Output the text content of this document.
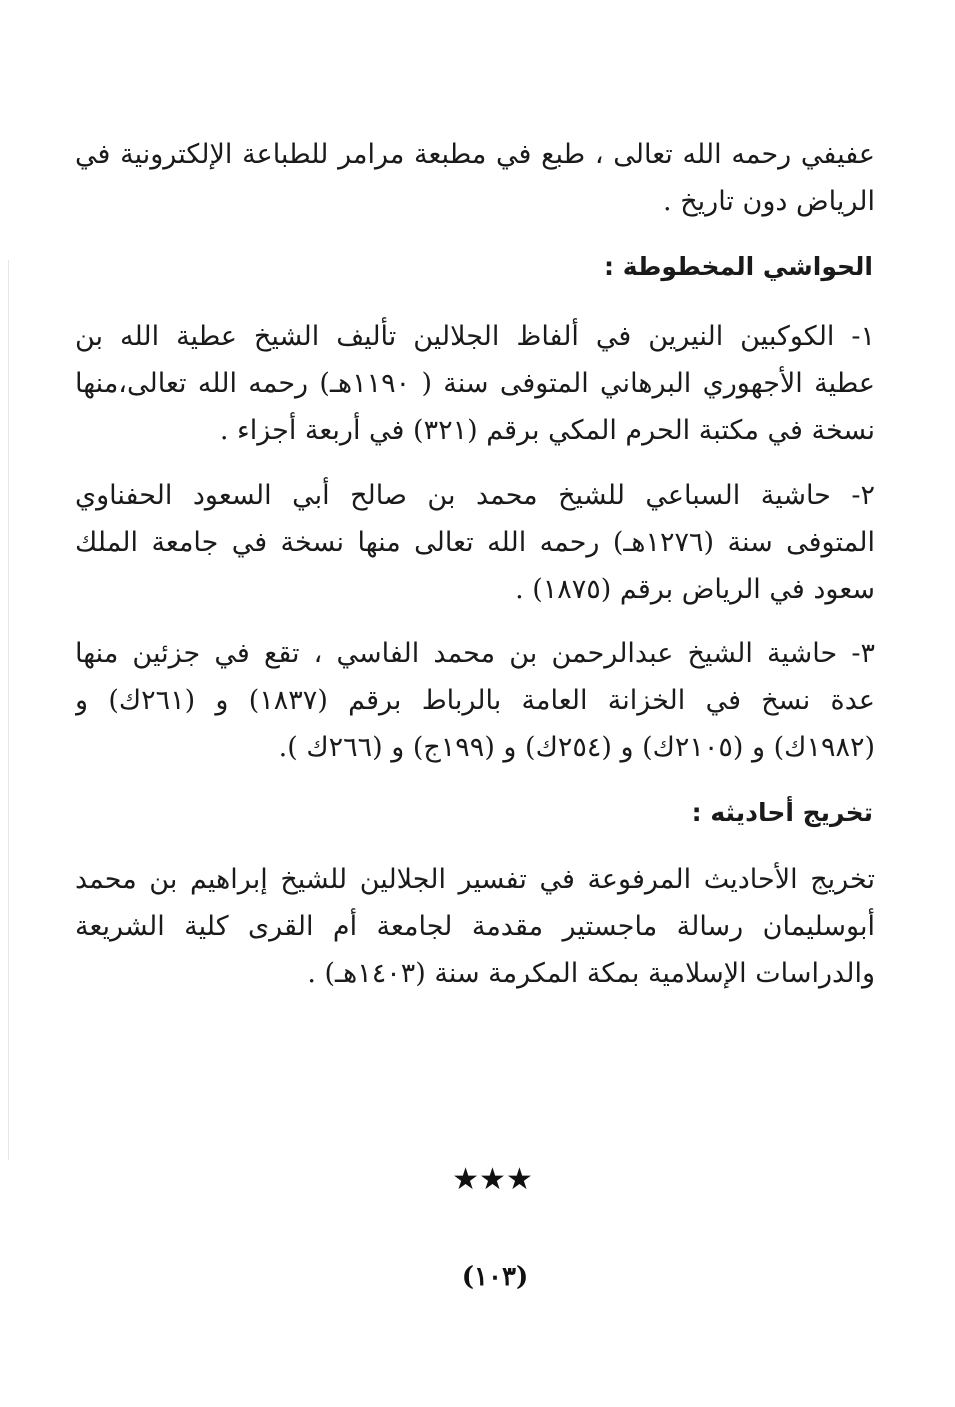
عفيفي رحمه الله تعالى ، طبع في مطبعة مرامر للطباعة الإلكترونية في
الرياض دون تاريخ .
الحواشي المخطوطة :
١- الكوكبين النيرين في ألفاظ الجلالين تأليف الشيخ عطية الله بن
عطية الأجهوري البرهاني المتوفى سنة ( ١١٩٠هـ) رحمه الله تعالى،منها
نسخة في مكتبة الحرم المكي برقم (٣٢١) في أربعة أجزاء .
٢- حاشية السباعي للشيخ محمد بن صالح أبي السعود الحفناوي
المتوفى سنة (١٢٧٦هـ) رحمه الله تعالى منها نسخة في جامعة الملك
سعود في الرياض برقم (١٨٧٥) .
٣- حاشية الشيخ عبدالرحمن بن محمد الفاسي ، تقع في جزئين منها
عدة نسخ في الخزانة العامة بالرباط برقم (١٨٣٧) و (٢٦١ك) و
(١٩٨٢ك) و (٢١٠٥ك) و (٢٥٤ك) و (١٩٩ج) و (٢٦٦ك ).
تخريج أحاديثه :
تخريج الأحاديث المرفوعة في تفسير الجلالين للشيخ إبراهيم بن محمد
أبوسليمان رسالة ماجستير مقدمة لجامعة أم القرى كلية الشريعة
والدراسات الإسلامية بمكة المكرمة سنة (١٤٠٣هـ) .
★★★
(١٠٣)
